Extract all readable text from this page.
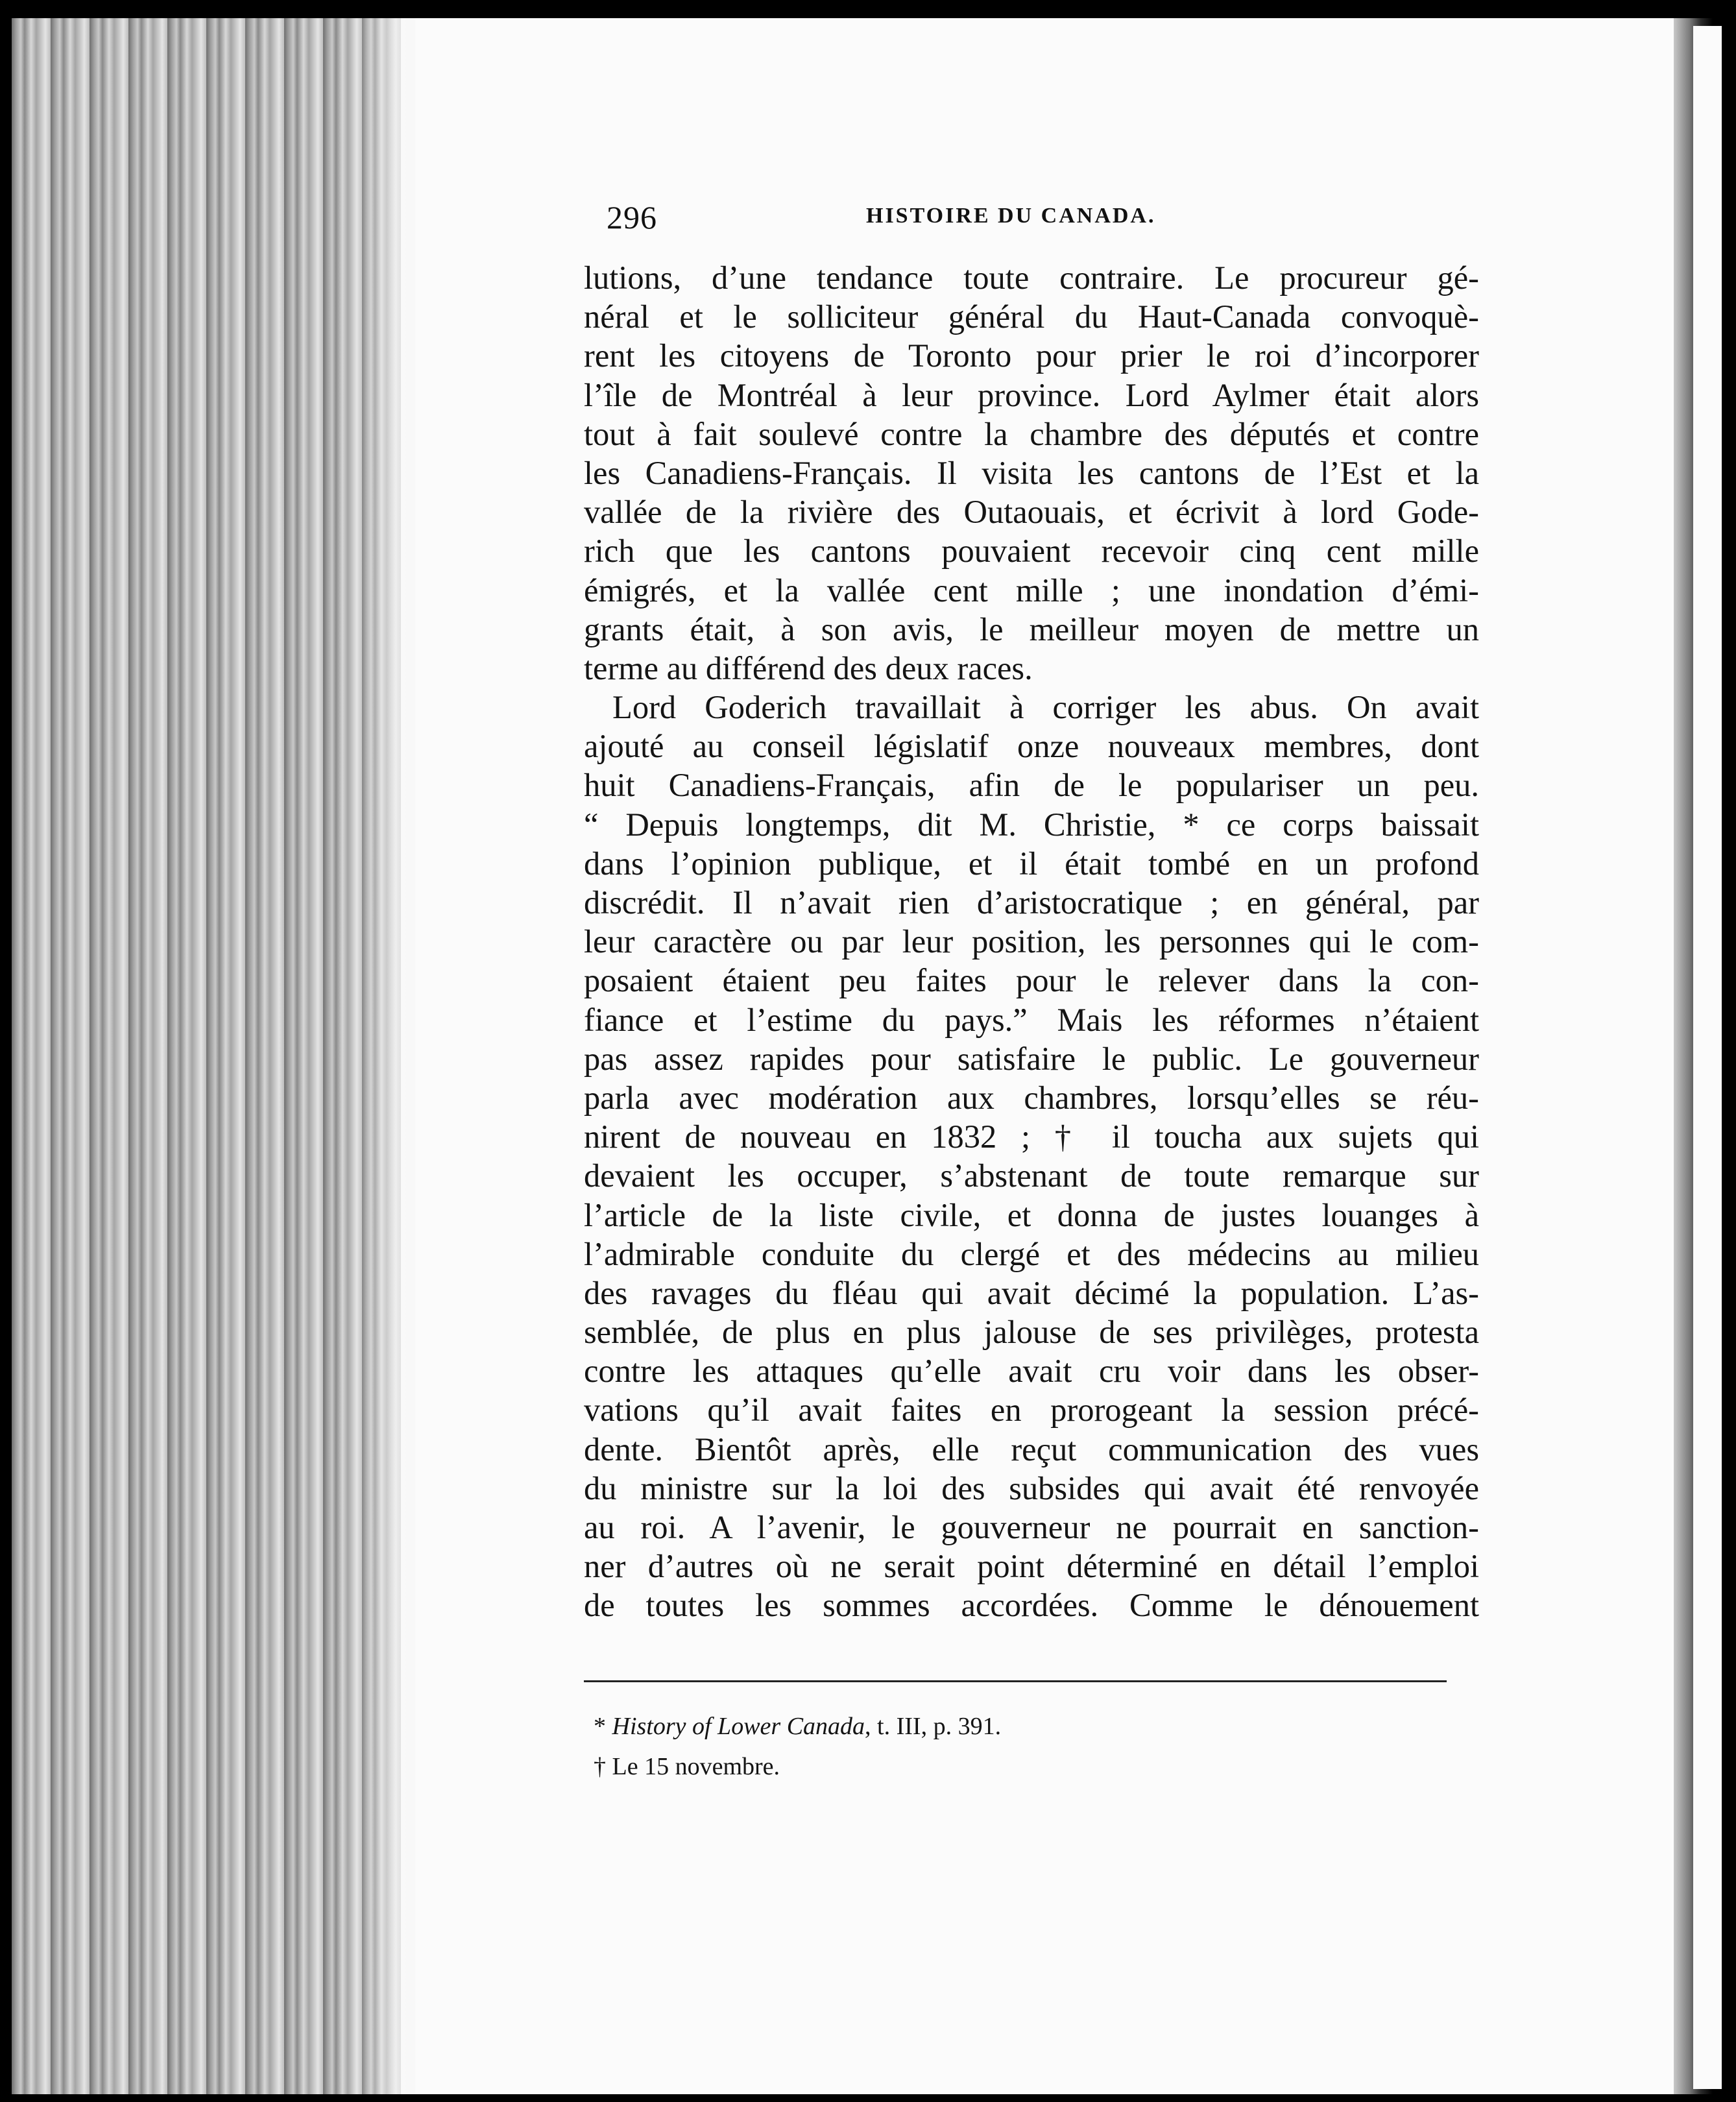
296	HISTOIRE DU CANADA.
lutions, d’une tendance toute contraire. Le procureur gé-
néral et le solliciteur général du Haut-Canada convoquè-
rent les citoyens de Toronto pour prier le roi d’incorporer
l’île de Montréal à leur province. Lord Aylmer était alors
tout à fait soulevé contre la chambre des députés et contre
les Canadiens-Français. Il visita les cantons de l’Est et la
vallée de la rivière des Outaouais, et écrivit à lord Gode-
rich que les cantons pouvaient recevoir cinq cent mille
émigrés, et la vallée cent mille ; une inondation d’émi-
grants était, à son avis, le meilleur moyen de mettre un
terme au différend des deux races.
Lord Goderich travaillait à corriger les abus. On avait
ajouté au conseil législatif onze nouveaux membres, dont
huit Canadiens-Français, afin de le populariser un peu.
“ Depuis longtemps, dit M. Christie, * ce corps baissait
dans l’opinion publique, et il était tombé en un profond
discrédit. Il n’avait rien d’aristocratique ; en général, par
leur caractère ou par leur position, les personnes qui le com-
posaient étaient peu faites pour le relever dans la con-
fiance et l’estime du pays.” Mais les réformes n’étaient
pas assez rapides pour satisfaire le public. Le gouverneur
parla avec modération aux chambres, lorsqu’elles se réu-
nirent de nouveau en 1832 ; † il toucha aux sujets qui
devaient les occuper, s’abstenant de toute remarque sur
l’article de la liste civile, et donna de justes louanges à
l’admirable conduite du clergé et des médecins au milieu
des ravages du fléau qui avait décimé la population. L’as-
semblée, de plus en plus jalouse de ses privilèges, protesta
contre les attaques qu’elle avait cru voir dans les obser-
vations qu’il avait faites en prorogeant la session précé-
dente. Bientôt après, elle reçut communication des vues
du ministre sur la loi des subsides qui avait été renvoyée
au roi. A l’avenir, le gouverneur ne pourrait en sanction-
ner d’autres où ne serait point déterminé en détail l’emploi
de toutes les sommes accordées. Comme le dénouement
* History of Lower Canada, t. III, p. 391.
† Le 15 novembre.
